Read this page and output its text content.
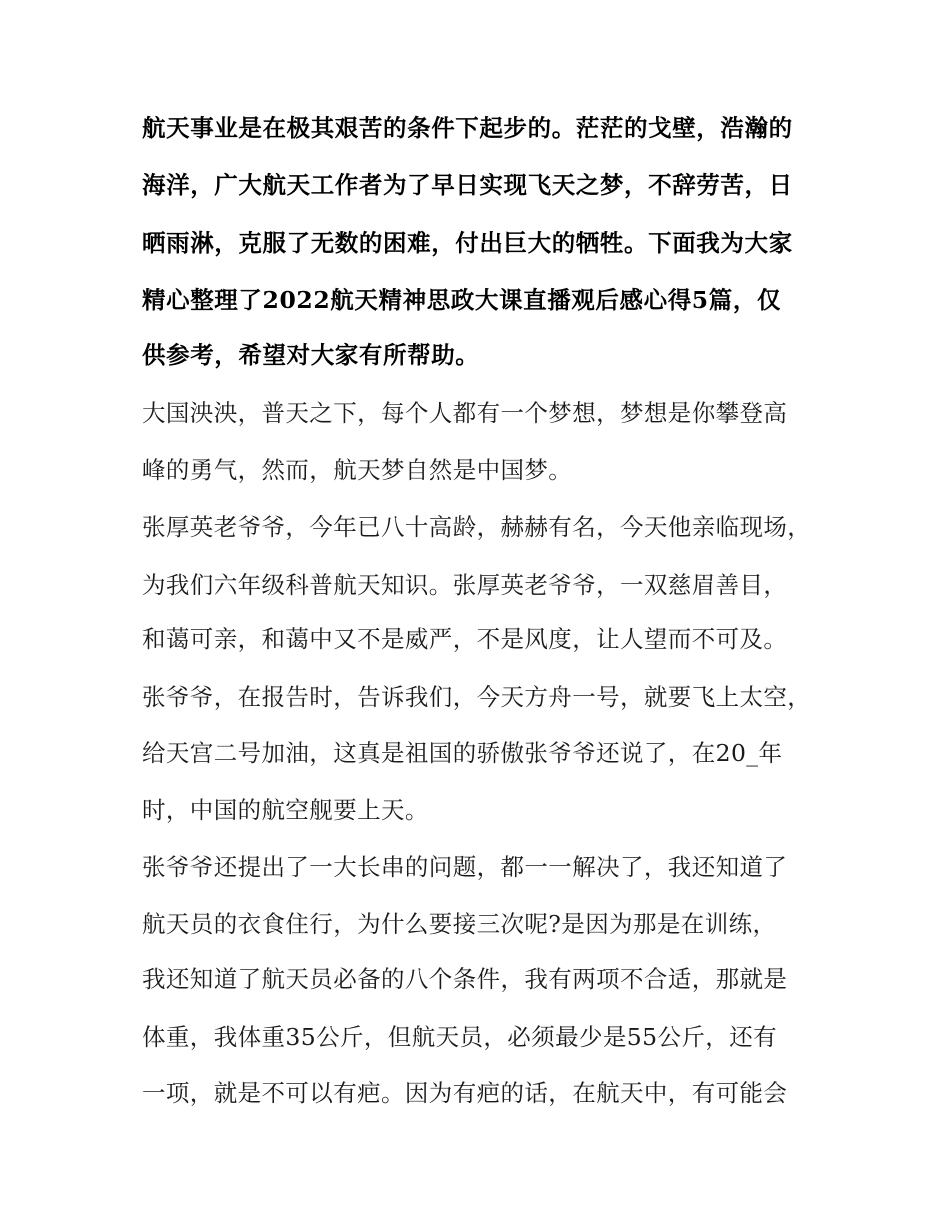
航天事业是在极其艰苦的条件下起步的。茫茫的戈壁，浩瀚的
海洋，广大航天工作者为了早日实现飞天之梦，不辞劳苦，日
晒雨淋，克服了无数的困难，付出巨大的牺牲。下面我为大家
精心整理了2022航天精神思政大课直播观后感心得5篇，仅
供参考，希望对大家有所帮助。
大国泱泱，普天之下，每个人都有一个梦想，梦想是你攀登高
峰的勇气，然而，航天梦自然是中国梦。
张厚英老爷爷，今年已八十高龄，赫赫有名，今天他亲临现场，
为我们六年级科普航天知识。张厚英老爷爷，一双慈眉善目，
和蔼可亲，和蔼中又不是威严，不是风度，让人望而不可及。
张爷爷，在报告时，告诉我们，今天方舟一号，就要飞上太空，
给天宫二号加油，这真是祖国的骄傲张爷爷还说了，在20_年
时，中国的航空舰要上天。
张爷爷还提出了一大长串的问题，都一一解决了，我还知道了
航天员的衣食住行，为什么要接三次呢?是因为那是在训练，
我还知道了航天员必备的八个条件，我有两项不合适，那就是
体重，我体重35公斤，但航天员，必须最少是55公斤，还有
一项，就是不可以有疤。因为有疤的话，在航天中，有可能会
